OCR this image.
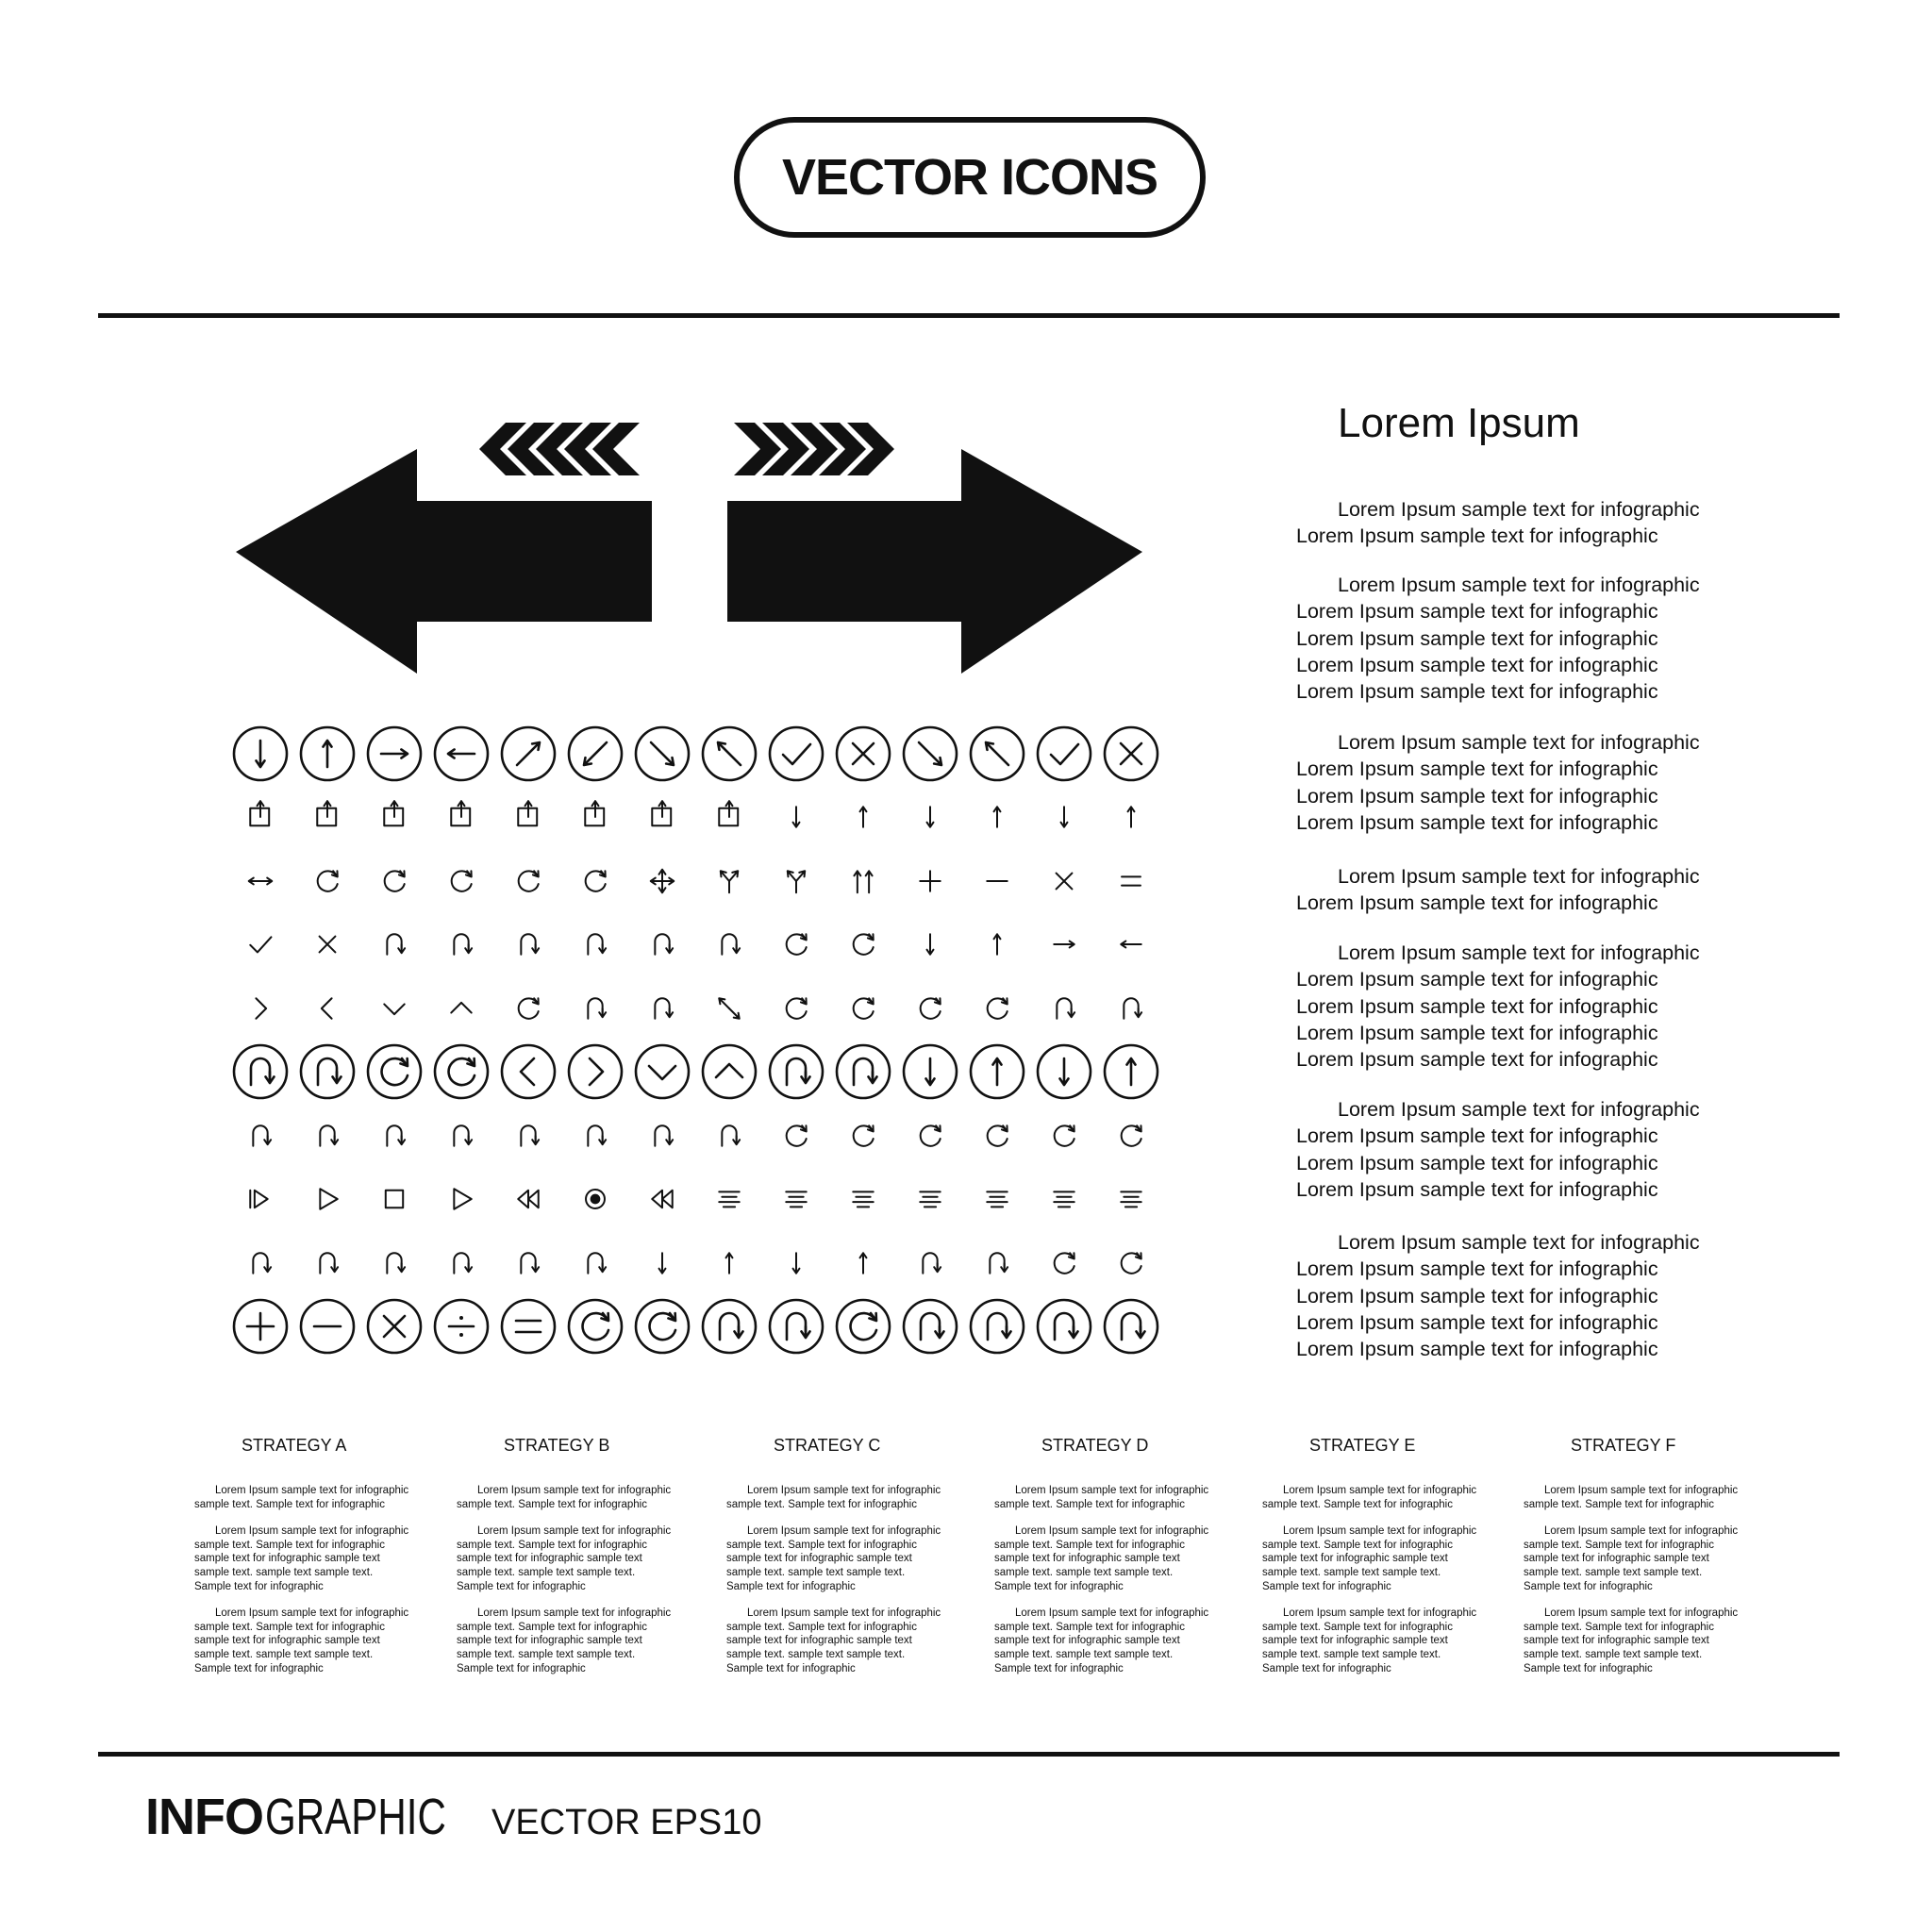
VECTOR ICONS
Lorem Ipsum
Lorem Ipsum sample text for infographic
Lorem Ipsum sample text for infographic
Lorem Ipsum sample text for infographic
Lorem Ipsum sample text for infographic
Lorem Ipsum sample text for infographic
Lorem Ipsum sample text for infographic
Lorem Ipsum sample text for infographic
Lorem Ipsum sample text for infographic
Lorem Ipsum sample text for infographic
Lorem Ipsum sample text for infographic
Lorem Ipsum sample text for infographic
Lorem Ipsum sample text for infographic
Lorem Ipsum sample text for infographic
Lorem Ipsum sample text for infographic
Lorem Ipsum sample text for infographic
Lorem Ipsum sample text for infographic
Lorem Ipsum sample text for infographic
Lorem Ipsum sample text for infographic
Lorem Ipsum sample text for infographic
Lorem Ipsum sample text for infographic
Lorem Ipsum sample text for infographic
Lorem Ipsum sample text for infographic
Lorem Ipsum sample text for infographic
Lorem Ipsum sample text for infographic
Lorem Ipsum sample text for infographic
Lorem Ipsum sample text for infographic
Lorem Ipsum sample text for infographic
STRATEGY A
Lorem Ipsum sample text for infographic
sample text. Sample text for infographic
Lorem Ipsum sample text for infographic
sample text. Sample text for infographic
sample text for infographic sample text
sample text. sample text sample text.
Sample text for infographic
Lorem Ipsum sample text for infographic
sample text. Sample text for infographic
sample text for infographic sample text
sample text. sample text sample text.
Sample text for infographic
STRATEGY B
Lorem Ipsum sample text for infographic
sample text. Sample text for infographic
Lorem Ipsum sample text for infographic
sample text. Sample text for infographic
sample text for infographic sample text
sample text. sample text sample text.
Sample text for infographic
Lorem Ipsum sample text for infographic
sample text. Sample text for infographic
sample text for infographic sample text
sample text. sample text sample text.
Sample text for infographic
STRATEGY C
Lorem Ipsum sample text for infographic
sample text. Sample text for infographic
Lorem Ipsum sample text for infographic
sample text. Sample text for infographic
sample text for infographic sample text
sample text. sample text sample text.
Sample text for infographic
Lorem Ipsum sample text for infographic
sample text. Sample text for infographic
sample text for infographic sample text
sample text. sample text sample text.
Sample text for infographic
STRATEGY D
Lorem Ipsum sample text for infographic
sample text. Sample text for infographic
Lorem Ipsum sample text for infographic
sample text. Sample text for infographic
sample text for infographic sample text
sample text. sample text sample text.
Sample text for infographic
Lorem Ipsum sample text for infographic
sample text. Sample text for infographic
sample text for infographic sample text
sample text. sample text sample text.
Sample text for infographic
STRATEGY E
Lorem Ipsum sample text for infographic
sample text. Sample text for infographic
Lorem Ipsum sample text for infographic
sample text. Sample text for infographic
sample text for infographic sample text
sample text. sample text sample text.
Sample text for infographic
Lorem Ipsum sample text for infographic
sample text. Sample text for infographic
sample text for infographic sample text
sample text. sample text sample text.
Sample text for infographic
STRATEGY F
Lorem Ipsum sample text for infographic
sample text. Sample text for infographic
Lorem Ipsum sample text for infographic
sample text. Sample text for infographic
sample text for infographic sample text
sample text. sample text sample text.
Sample text for infographic
Lorem Ipsum sample text for infographic
sample text. Sample text for infographic
sample text for infographic sample text
sample text. sample text sample text.
Sample text for infographic
INFO GRAPHIC VECTOR EPS10
